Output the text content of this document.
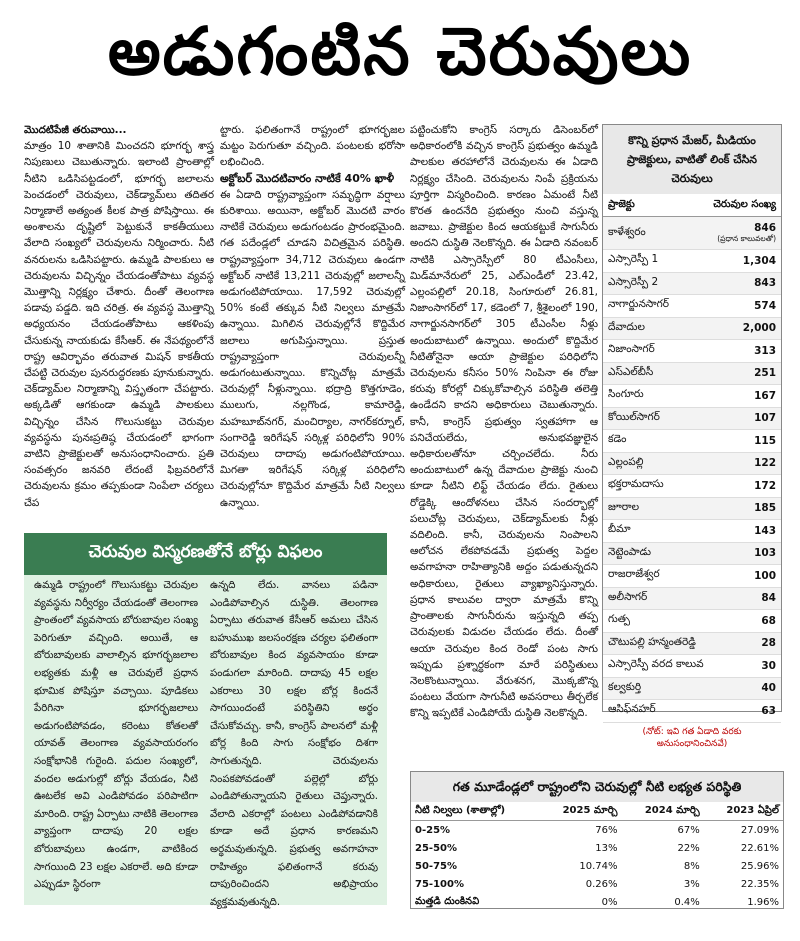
అడుగంటిన చెరువులు

మొదటిపేజీ తరువాయి...

మాత్రం 10 శాతానికి మించదని భూగర్భ శాస్త్ర నిపుణులు చెబుతున్నారు. ఇలాంటి ప్రాంతాల్లో నీటిని ఒడిసిపట్టడంలో, భూగర్భ జలాలను పెంచడంలో చెరువులు, చెక్‌డ్యామ్‌లు తదితర నిర్మాణాలే అత్యంత కీలక పాత్ర పోషిస్తాయి. ఈ అంశాలను దృష్టిలో పెట్టుకునే కాకతీయులు వేలాది సంఖ్యలో చెరువులను నిర్మించారు. నీటి వనరులను ఒడిసిపట్టారు. ఉమ్మడి పాలకులు ఆ చెరువులను విచ్ఛిన్నం చేయడంతోపాటు వ్యవస్థ మొత్తాన్ని నిర్లక్ష్యం చేశారు. దీంతో తెలంగాణ పడావు పడ్డది. ఇది చరిత్ర. ఈ వ్యవస్థ మొత్తాన్ని అధ్యయనం చేయడంతోపాటు ఆకళింపు చేసుకున్న నాయకుడు కేసీఆర్. ఈ నేపథ్యంలోనే రాష్ట్ర ఆవిర్భావం తరువాత మిషన్ కాకతీయ చేపట్టి చెరువుల పునరుద్ధరణకు పూనుకున్నారు. చెక్‌డ్యామ్‌ల నిర్మాణాన్ని విస్తృతంగా చేపట్టారు. అక్కడితో ఆగకుండా ఉమ్మడి పాలకులు విచ్ఛిన్నం చేసిన గొలుసుకట్టు చెరువుల వ్యవస్థను పునఃప్రతిష్ఠ చేయడంలో భాగంగా వాటిని ప్రాజెక్టులతో అనుసంధానించారు. ప్రతి సంవత్సరం జనవరి లేదంటే ఫిబ్రవరిలోనే చెరువులను క్రమం తప్పకుండా నింపేలా చర్యలు చేప

ట్టారు. ఫలితంగానే రాష్ట్రంలో భూగర్భజల మట్టం పెరుగుతూ వచ్చింది. పంటలకు భరోసా లభించింది.

అక్టోబర్ మొదటివారం నాటికే 40% ఖాళీ

ఈ ఏడాది రాష్ట్రవ్యాప్తంగా సమృద్ధిగా వర్షాలు కురిశాయి. అయినా, అక్టోబర్ మొదటి వారం నాటికే చెరువులు అడుగంటడం ప్రారంభమైంది. గత పదేండ్లలో చూడని విచిత్రమైన పరిస్థితి. రాష్ట్రవ్యాప్తంగా 34,712 చెరువులు ఉండగా అక్టోబర్ నాటికే 13,211 చెరువుల్లో జలాలన్నీ అడుగంటిపోయాయి. 17,592 చెరువుల్లో 50% కంటే తక్కువ నీటి నిల్వలు మాత్రమే ఉన్నాయి. మిగిలిన చెరువుల్లోనే కొద్దిమేర జలాలు అగుపిస్తున్నాయి. ప్రస్తుత రాష్ట్రవ్యాప్తంగా చెరువులన్నీ అడుగంటుతున్నాయి. కొన్నిచోట్ల మాత్రమే చెరువుల్లో నీళ్లున్నాయి. భద్రాద్రి కొత్తగూడెం, ములుగు, నల్లగొండ, కామారెడ్డి, మహబూబ్‌నగర్, మంచిర్యాల, నాగర్‌కర్నూల్, సంగారెడ్డి ఇరిగేషన్ సర్కిళ్ల పరిధిలోని 90% చెరువులు దాదాపు అడుగంటిపోయాయి. మిగతా ఇరిగేషన్ సర్కిళ్ల పరిధిలోని చెరువుల్లోనూ కొద్దిమేర మాత్రమే నీటి నిల్వలు ఉన్నాయి.

పట్టించుకోని కాంగ్రెస్ సర్కారు డిసెంబర్‌లో అధికారంలోకి వచ్చిన కాంగ్రెస్ ప్రభుత్వం ఉమ్మడి పాలకుల తరహాలోనే చెరువులను ఈ ఏడాది నిర్లక్ష్యం చేసింది. చెరువులను నింపే ప్రక్రియను పూర్తిగా విస్మరించింది. కారణం ఏమంటే నీటి కొరత ఉందనేది ప్రభుత్వం నుంచి వస్తున్న జవాబు. ప్రాజెక్టుల కింద ఆయకట్టుకే సాగునీరు అందని దుస్థితి నెలకొన్నది. ఈ ఏడాది నవంబర్ నాటికి ఎస్సారెస్పీలో 80 టీఎంసీలు, మిడ్‌మానేరులో 25, ఎల్‌ఎండీలో 23.42, ఎల్లంపల్లిలో 20.18, సింగూరులో 26.81, నిజాంసాగర్‌లో 17, కడెంలో 7, శ్రీశైలంలో 190, నాగార్జునసాగర్‌లో 305 టీఎంసీల నీళ్లు అందుబాటులో ఉన్నాయి. అందులో కొద్దిమేర నీటితోనైనా ఆయా ప్రాజెక్టుల పరిధిలోని చెరువులను కనీసం 50% నింపినా ఈ రోజు కరువు కోరల్లో చిక్కుకోవాల్సిన పరిస్థితి తలెత్తి ఉండేదని కాదని అధికారులు చెబుతున్నారు. కానీ, కాంగ్రెస్ ప్రభుత్వం స్వతహాగా ఆ పనిచేయలేదు, అనుభవజ్ఞులైన అధికారులతోనూ చర్చించలేదు. నీరు అందుబాటులో ఉన్న దేవాదుల ప్రాజెక్టు నుంచి కూడా నీటిని లిఫ్ట్ చేయడం లేదు. రైతులు రోడ్డెక్కి ఆందోళనలు చేసిన సందర్భాల్లో పలుచోట్ల చెరువులు, చెక్‌డ్యామ్‌లకు నీళ్లు వదిలింది. కానీ, చెరువులను నింపాలని ఆలోచన లేకపోవడమే ప్రభుత్వ పెద్దల అవగాహనా రాహిత్యానికి అద్దం పడుతున్నదని అధికారులు, రైతులు వ్యాఖ్యానిస్తున్నారు. ప్రధాన కాలువల ద్వారా మాత్రమే కొన్ని ప్రాంతాలకు సాగునీరును ఇస్తున్నది తప్ప చెరువులకు విడుదల చేయడం లేదు. దీంతో ఆయా చెరువుల కింద రెండో పంట సాగు ఇప్పుడు ప్రశ్నార్థకంగా మారే పరిస్థితులు నెలకొంటున్నాయి. వేరుశనగ, మొక్కజొన్న పంటలు వేయగా సాగునీటి అవసరాలు తీర్చలేక కొన్ని ఇప్పటికే ఎండిపోయే దుస్థితి నెలకొన్నది.

చెరువుల విస్మరణతోనే బోర్లు విఫలం
ఉమ్మడి రాష్ట్రంలో గొలుసుకట్టు చెరువుల వ్యవస్థను నిర్వీర్యం చేయడంతో తెలంగాణ ప్రాంతంలో వ్యవసాయ బోరుబావుల సంఖ్య పెరిగుతూ వచ్చింది. అయితే, ఆ బోరుబావులకు వాలాల్సిన భూగర్భజలాల లభ్యతకు మళ్లీ ఆ చెరువులే ప్రధాన భూమిక పోషిస్తూ వచ్చాయి. పూడికలు పేరిగినా భూగర్భజలాలు అడుగంటిపోవడం, కరెంటు కోతలతో యావత్ తెలంగాణ వ్యవసాయరంగం సంక్షోభానికి గురైంది. పదుల సంఖ్యలో, వందల అడుగుల్లో బోర్లు వేయడం, నీటి ఊటలేక అవి ఎండిపోవడం పరిపాటిగా మారింది. రాష్ట్ర ఏర్పాటు నాటికి తెలంగాణ వ్యాప్తంగా దాదాపు 20 లక్షల బోరుబావులు ఉండగా, వాటికింద సాగయింది 23 లక్షల ఎకరాలే. అది కూడా ఎప్పుడూ స్థిరంగా
ఉన్నది లేదు. వానలు పడినా ఎండిపోవాల్సిన దుస్థితి. తెలంగాణ ఏర్పాటు తరువాత కేసీఆర్ అమలు చేసిన బహుముఖ జలసంరక్షణ చర్యల ఫలితంగా బోరుబావుల కింద వ్యవసాయం కూడా పండుగలా మారింది. దాదాపు 45 లక్షల ఎకరాలు 30 లక్షల బోర్ల కిందనే సాగయిందంటే పరిస్థితిని అర్థం చేసుకోవచ్చు. కానీ, కాంగ్రెస్ పాలనలో మళ్లీ బోర్ల కింది సాగు సంక్షోభం దిశగా సాగుతున్నది. చెరువులను నింపకపోవడంతో పల్లెల్లో బోర్లు ఎండిపోతున్నాయని రైతులు చెప్తున్నారు. వేలాది ఎకరాల్లో పంటలు ఎండిపోవడానికి కూడా అదే ప్రధాన కారణమని అర్థమవుతున్నది. ప్రభుత్వ అవగాహనా రాహిత్యం ఫలితంగానే కరువు దాపురించిందని అభిప్రాయం వ్యక్తమవుతున్నది.
కొన్ని ప్రధాన మేజర్, మీడియం ప్రాజెక్టులు, వాటితో లింక్ చేసిన చెరువులు
ప్రాజెక్టు	చెరువుల సంఖ్య
కాళేశ్వరం	846
(ప్రధాన కాలువలతో)
ఎస్సారెస్పీ 1	1,304
ఎస్సారెస్పీ 2	843
నాగార్జునసాగర్	574
దేవాదుల	2,000
నిజాంసాగర్	313
ఎస్‌ఎల్‌బీసీ	251
సింగూరు	167
కోయిల్‌సాగర్	107
కడెం	115
ఎల్లంపల్లి	122
భక్తరామదాసు	172
జూరాల	185
బీమా	143
నెట్టెంపాడు	103
రాజరాజేశ్వర	100
అలీసాగర్	84
గుత్ప	68
చౌటుపల్లి హన్మంతరెడ్డి	28
ఎస్సారెస్పీ వరద కాలువ	30
కల్వకుర్తి	40
ఆసిఫ్‌నహర్	63
(నోట్: ఇవి గత ఏడాది వరకు అనుసంధానించినవే)
గత మూడేండ్లలో రాష్ట్రంలోని చెరువుల్లో నీటి లభ్యత పరిస్థితి
నీటి నిల్వలు (శాతాల్లో)	2025 మార్చి	2024 మార్చి	2023 ఏప్రిల్
0-25%	76%	67%	27.09%
25-50%	13%	22%	22.61%
50-75%	10.74%	8%	25.96%
75-100%	0.26%	3%	22.35%
మత్తడి దుంకినవి	0%	0.4%	1.96%
